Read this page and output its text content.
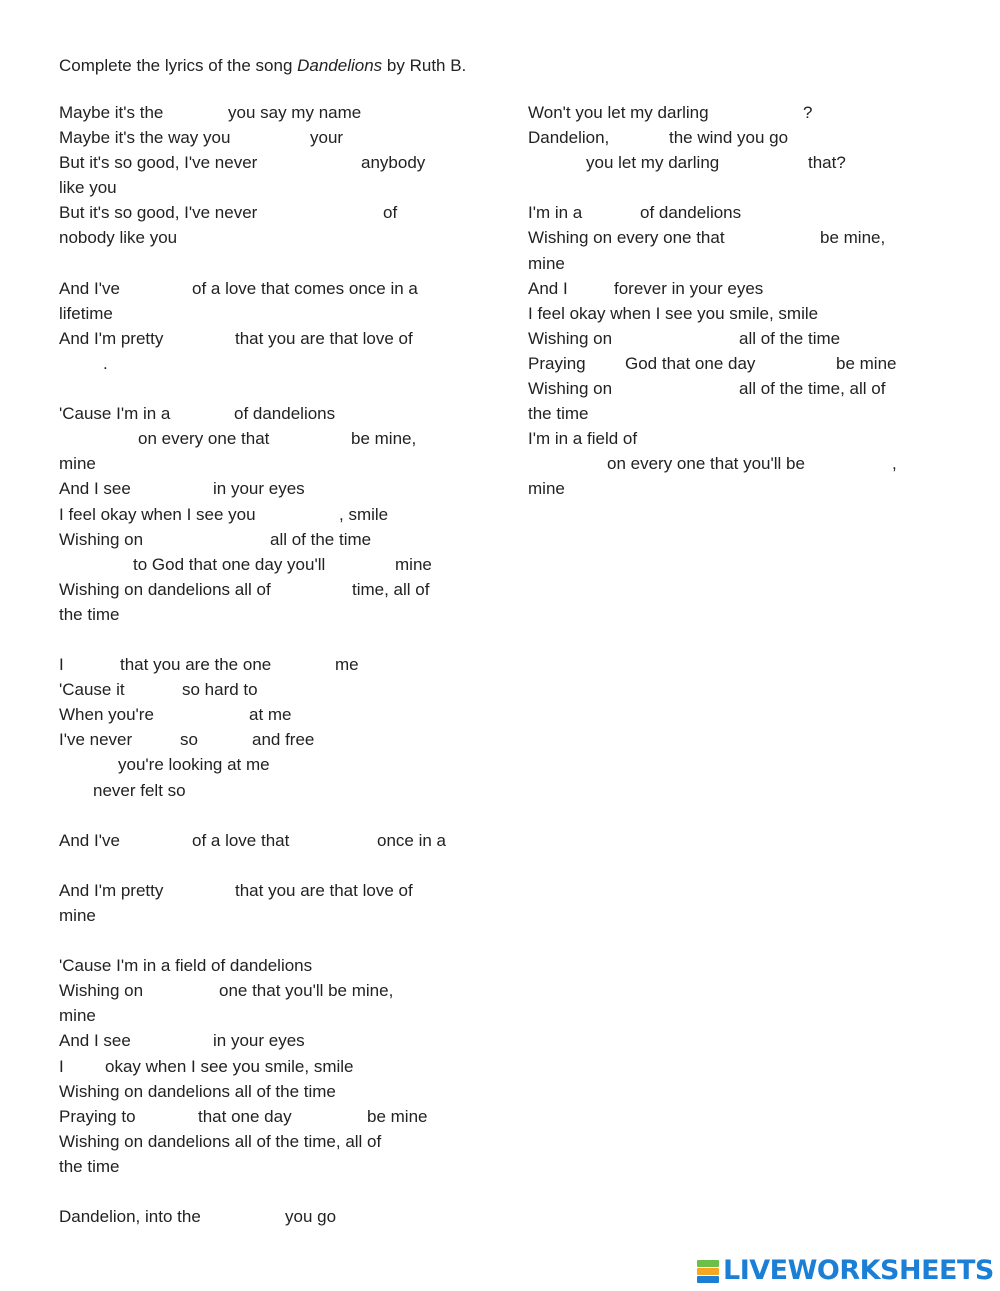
Complete the lyrics of the song Dandelions by Ruth B.
Maybe it's the	you say my name
Maybe it's the way you	your
But it's so good, I've never	anybody
like you
But it's so good, I've never	of
nobody like you
And I've	of a love that comes once in a
lifetime
And I'm pretty	that you are that love of
.
'Cause I'm in a	of dandelions
on every one that	be mine,
mine
And I see	in your eyes
I feel okay when I see you	, smile
Wishing on	all of the time
to God that one day you'll	mine
Wishing on dandelions all of	time, all of
the time
I	that you are the one	me
'Cause it	so hard to
When you're	at me
I've never	so	and free
you're looking at me
never felt so
And I've	of a love that	once in a
And I'm pretty	that you are that love of
mine
'Cause I'm in a field of dandelions
Wishing on	one that you'll be mine,
mine
And I see	in your eyes
I okay when I see you smile, smile
Wishing on dandelions all of the time
Praying to	that one day	be mine
Wishing on dandelions all of the time, all of
the time
Dandelion, into the	you go
Won't you let my darling	?
Dandelion,	the wind you go
you let my darling	that?
I'm in a	of dandelions
Wishing on every one that	be mine,
mine
And I	forever in your eyes
I feel okay when I see you smile, smile
Wishing on	all of the time
Praying God that one day	be mine
Wishing on	all of the time, all of
the time
I'm in a field of
on every one that you'll be	,
mine
LIVEWORKSHEETS
